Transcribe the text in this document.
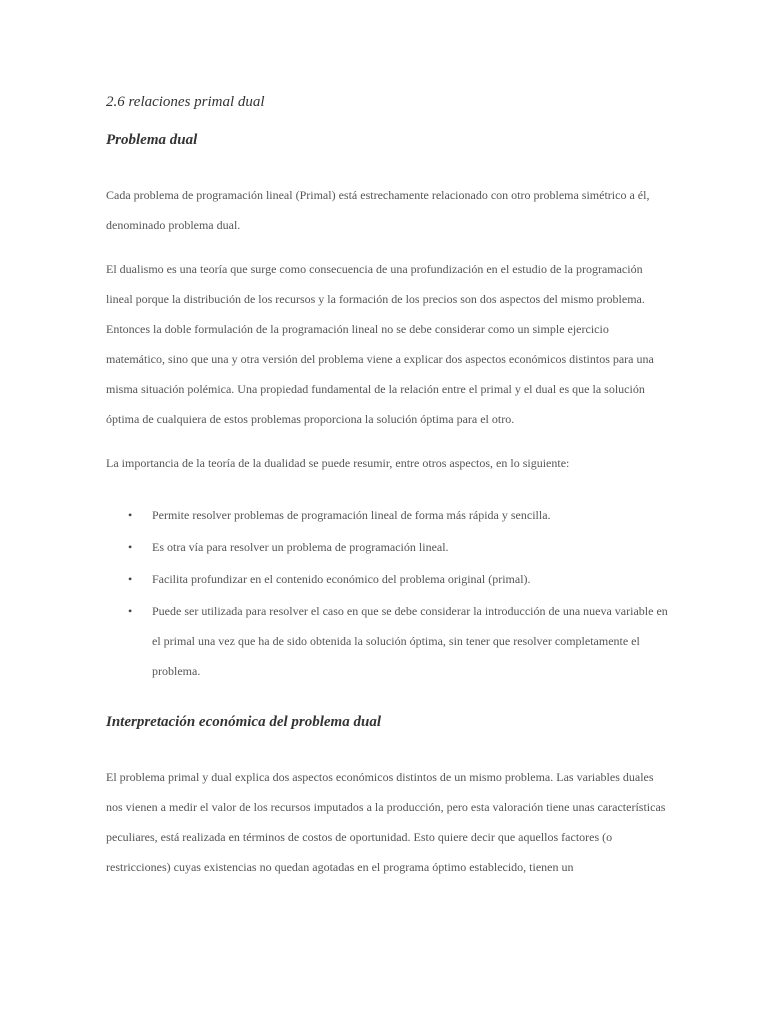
2.6 relaciones primal dual

Problema dual

Cada problema de programación lineal (Primal) está estrechamente relacionado con otro problema simétrico a él, denominado problema dual.

El dualismo es una teoría que surge como consecuencia de una profundización en el estudio de la programación lineal porque la distribución de los recursos y la formación de los precios son dos aspectos del mismo problema. Entonces la doble formulación de la programación lineal no se debe considerar como un simple ejercicio matemático, sino que una y otra versión del problema viene a explicar dos aspectos económicos distintos para una misma situación polémica. Una propiedad fundamental de la relación entre el primal y el dual es que la solución óptima de cualquiera de estos problemas proporciona la solución óptima para el otro.

La importancia de la teoría de la dualidad se puede resumir, entre otros aspectos, en lo siguiente:

• Permite resolver problemas de programación lineal de forma más rápida y sencilla.
• Es otra vía para resolver un problema de programación lineal.
• Facilita profundizar en el contenido económico del problema original (primal).
• Puede ser utilizada para resolver el caso en que se debe considerar la introducción de una nueva variable en el primal una vez que ha de sido obtenida la solución óptima, sin tener que resolver completamente el problema.

Interpretación económica del problema dual

El problema primal y dual explica dos aspectos económicos distintos de un mismo problema. Las variables duales nos vienen a medir el valor de los recursos imputados a la producción, pero esta valoración tiene unas características peculiares, está realizada en términos de costos de oportunidad. Esto quiere decir que aquellos factores (o restricciones) cuyas existencias no quedan agotadas en el programa óptimo establecido, tienen un
